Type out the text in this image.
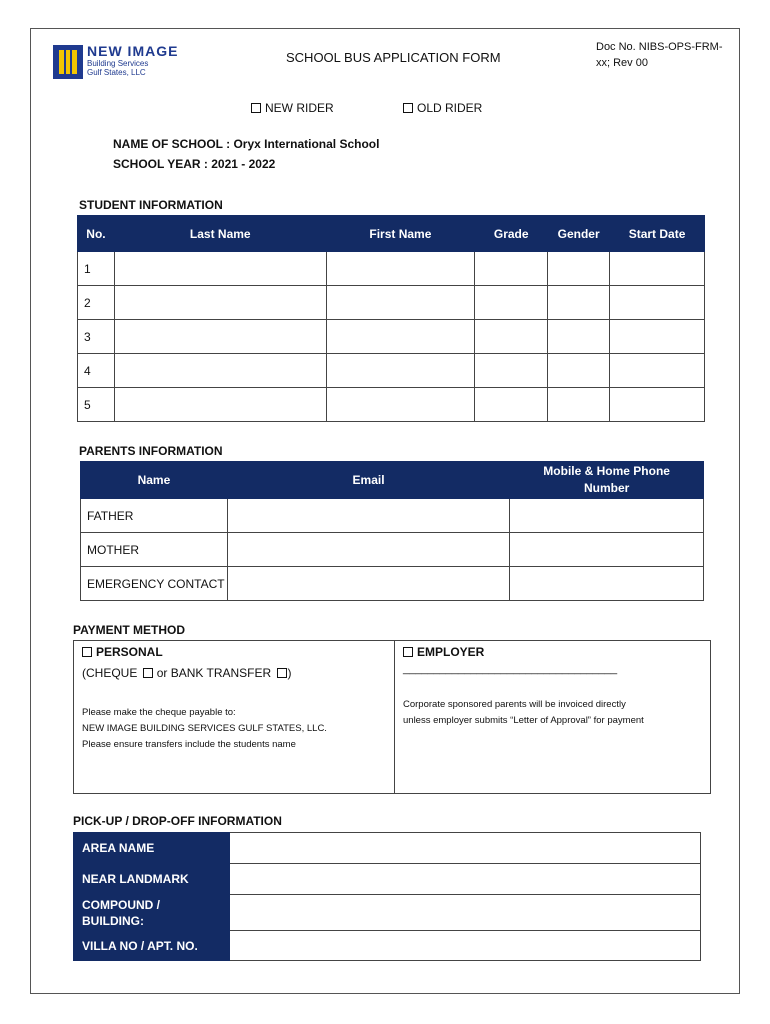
NEW IMAGE
Building Services
Gulf States, LLC
SCHOOL BUS APPLICATION FORM
Doc No. NIBS-OPS-FRM-xx; Rev 00
NEW RIDER	OLD RIDER
NAME OF SCHOOL : Oryx International School
SCHOOL YEAR : 2021 - 2022
STUDENT INFORMATION
No.	Last Name	First Name	Grade	Gender	Start Date
1					
2					
3					
4					
5					
PARENTS INFORMATION
Name	Email	Mobile & Home Phone Number
FATHER		
MOTHER		
EMERGENCY CONTACT		
PAYMENT METHOD
PERSONAL
(CHEQUE or BANK TRANSFER )
Please make the cheque payable to:
NEW IMAGE BUILDING SERVICES GULF STATES, LLC.
Please ensure transfers include the students name
EMPLOYER
___________________________________
Corporate sponsored parents will be invoiced directly
unless employer submits “Letter of Approval” for payment
PICK-UP / DROP-OFF INFORMATION
AREA NAME	
NEAR LANDMARK	
COMPOUND / BUILDING:	
VILLA NO / APT. NO.	
